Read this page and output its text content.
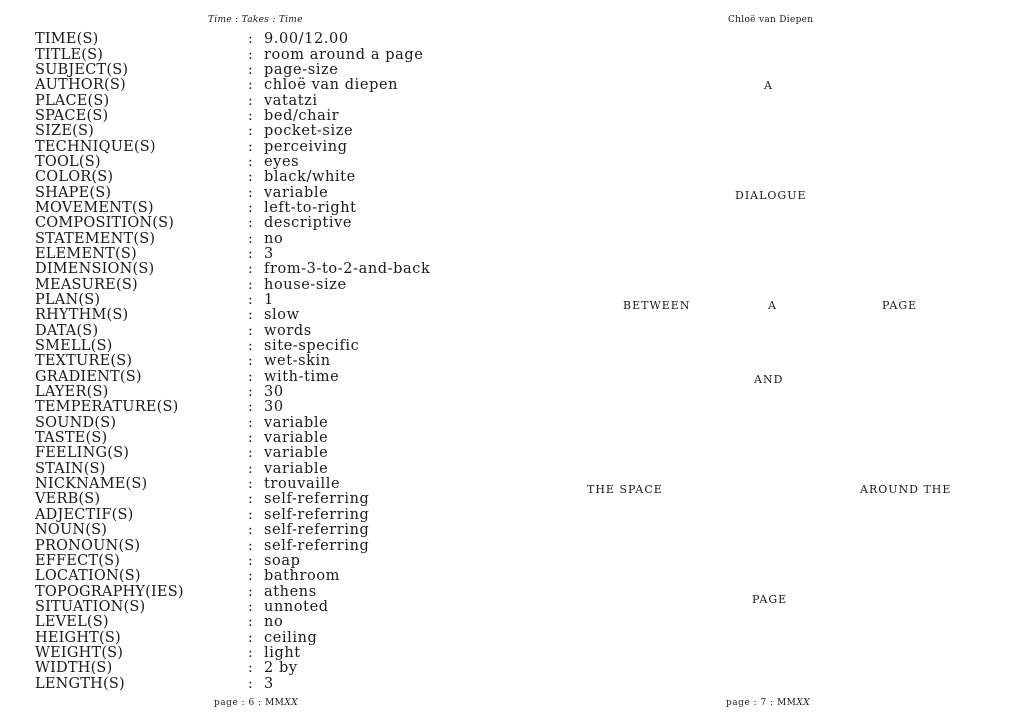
Time : Takes : Time
TIME(S)	: 9.00/12.00
TITLE(S)	: room around a page
SUBJECT(S)	: page-size
AUTHOR(S)	: chloë van diepen
PLACE(S)	: vatatzi
SPACE(S)	: bed/chair
SIZE(S)	: pocket-size
TECHNIQUE(S)	: perceiving
TOOL(S)	: eyes
COLOR(S)	: black/white
SHAPE(S)	: variable
MOVEMENT(S)	: left-to-right
COMPOSITION(S)	: descriptive
STATEMENT(S)	: no
ELEMENT(S)	: 3
DIMENSION(S)	: from-3-to-2-and-back
MEASURE(S)	: house-size
PLAN(S)	: 1
RHYTHM(S)	: slow
DATA(S)	: words
SMELL(S)	: site-specific
TEXTURE(S)	: wet-skin
GRADIENT(S)	: with-time
LAYER(S)	: 30
TEMPERATURE(S)	: 30
SOUND(S)	: variable
TASTE(S)	: variable
FEELING(S)	: variable
STAIN(S)	: variable
NICKNAME(S)	: trouvaille
VERB(S)	: self-referring
ADJECTIF(S)	: self-referring
NOUN(S)	: self-referring
PRONOUN(S)	: self-referring
EFFECT(S)	: soap
LOCATION(S)	: bathroom
TOPOGRAPHY(IES)	: athens
SITUATION(S)	: unnoted
LEVEL(S)	: no
HEIGHT(S)	: ceiling
WEIGHT(S)	: light
WIDTH(S)	: 2 by
LENGTH(S)	: 3
page : 6 : MMXX
Chloë van Diepen
A
DIALOGUE
BETWEEN	A	PAGE
AND
THE SPACE	AROUND THE
PAGE
page : 7 : MMXX
